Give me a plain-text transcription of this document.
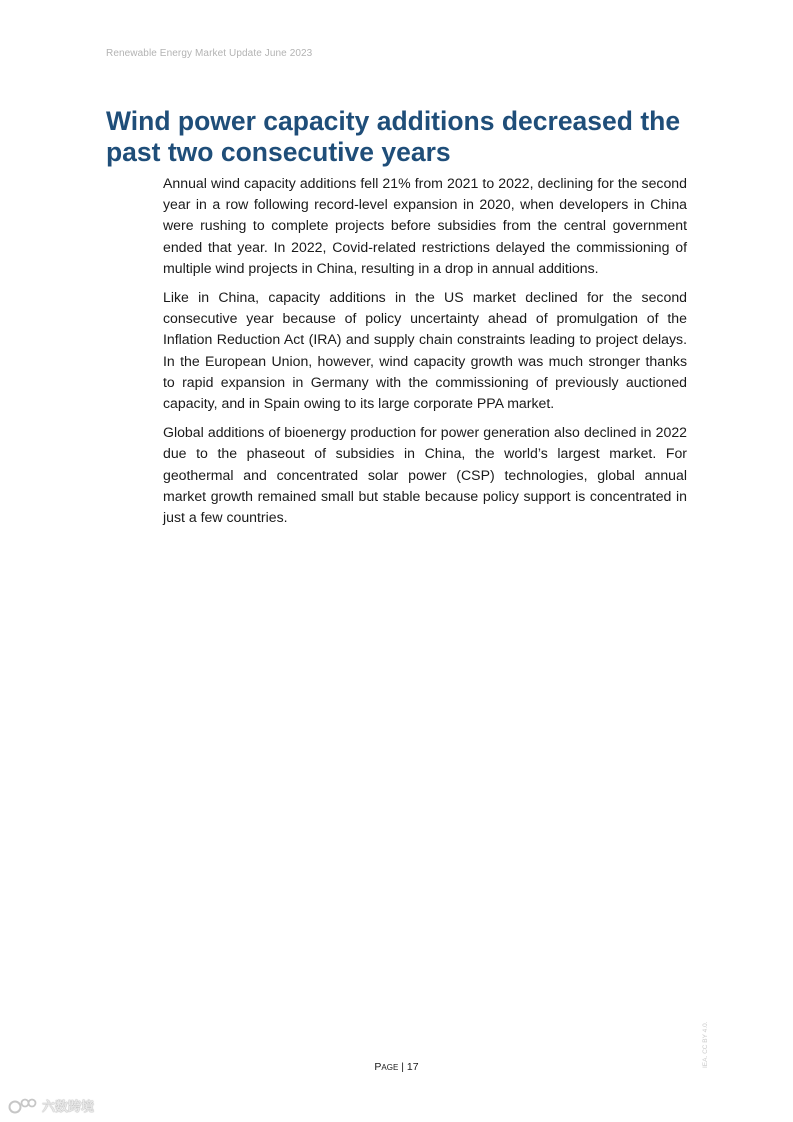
Renewable Energy Market Update June 2023
Wind power capacity additions decreased the past two consecutive years

Annual wind capacity additions fell 21% from 2021 to 2022, declining for the second year in a row following record-level expansion in 2020, when developers in China were rushing to complete projects before subsidies from the central government ended that year. In 2022, Covid-related restrictions delayed the commissioning of multiple wind projects in China, resulting in a drop in annual additions.

Like in China, capacity additions in the US market declined for the second consecutive year because of policy uncertainty ahead of promulgation of the Inflation Reduction Act (IRA) and supply chain constraints leading to project delays. In the European Union, however, wind capacity growth was much stronger thanks to rapid expansion in Germany with the commissioning of previously auctioned capacity, and in Spain owing to its large corporate PPA market.

Global additions of bioenergy production for power generation also declined in 2022 due to the phaseout of subsidies in China, the world’s largest market. For geothermal and concentrated solar power (CSP) technologies, global annual market growth remained small but stable because policy support is concentrated in just a few countries.

PAGE | 17	IEA. CC BY 4.0.
六数跨境
